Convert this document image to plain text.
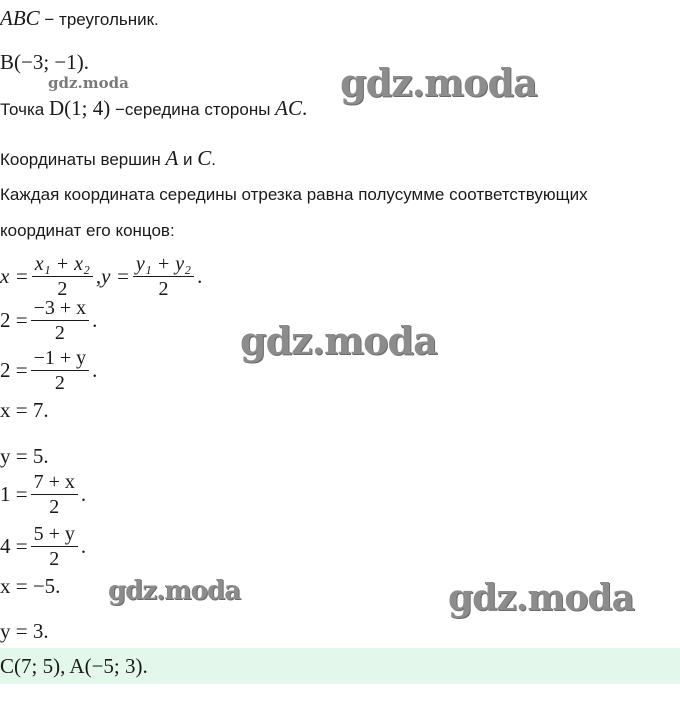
ABC − треугольник.
B(−3; −1).
gdz.moda
Точка D(1; 4) −середина стороны AC.
gdz.moda
Координаты вершин A и C.
Каждая координата середины отрезка равна полусумме соответствующих
координат его концов:
$x = \frac{\text{x₁ + x₂}}{2}$ , $y = \frac{\text{y₁ + y₂}}{2}$ .
$2 = \frac{-3 + x}{2}$ .	gdz.moda
$2 = \frac{-1 + y}{2}$ .
x = 7.
y = 5.
$1 = \frac{7 + x}{2}$ .
$4 = \frac{5 + y}{2}$ .
x = −5. gdz.moda	gdz.moda
y = 3.
C(7; 5), A(−5; 3).
